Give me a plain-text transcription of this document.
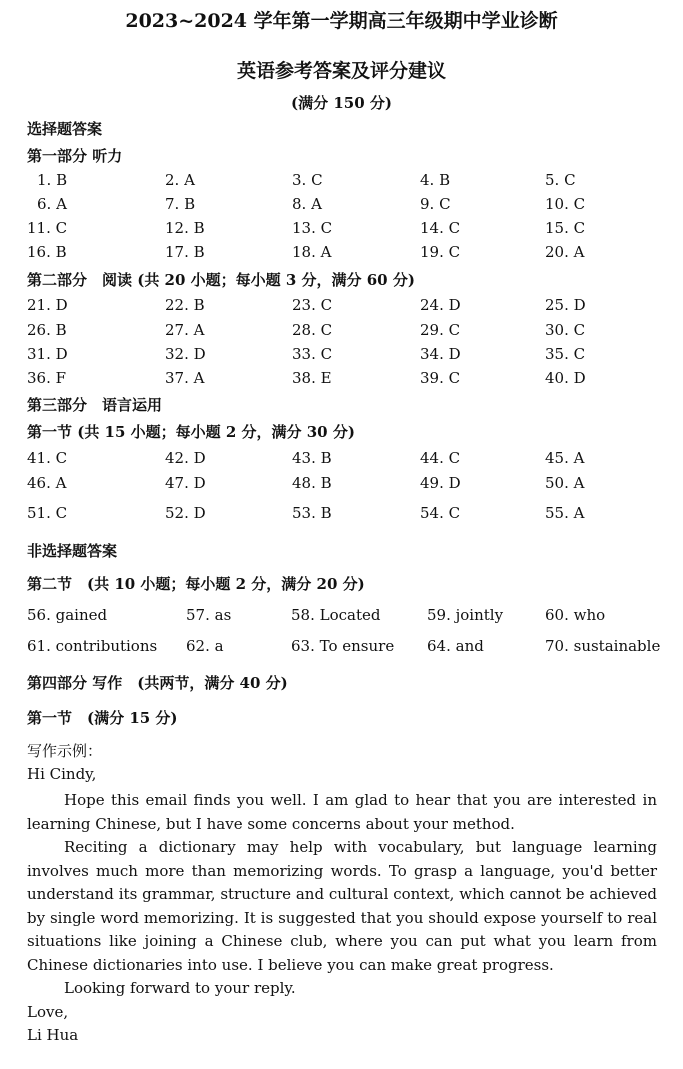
2023~2024 学年第一学期高三年级期中学业诊断
英语参考答案及评分建议
(满分 150 分)
选择题答案
第一部分 听力
1. B	2. A	3. C	4. B	5. C
6. A	7. B	8. A	9. C	10. C
11. C	12. B	13. C	14. C	15. C
16. B	17. B	18. A	19. C	20. A
第二部分　阅读 (共 20 小题；每小题 3 分，满分 60 分)
21. D	22. B	23. C	24. D	25. D
26. B	27. A	28. C	29. C	30. C
31. D	32. D	33. C	34. D	35. C
36. F	37. A	38. E	39. C	40. D
第三部分　语言运用
第一节 (共 15 小题；每小题 2 分，满分 30 分)
41. C	42. D	43. B	44. C	45. A
46. A	47. D	48. B	49. D	50. A
51. C	52. D	53. B	54. C	55. A
非选择题答案
第二节　(共 10 小题；每小题 2 分，满分 20 分)
56. gained	57. as	58. Located	59. jointly	60. who
61. contributions 62. a	63. To ensure 64. and	70. sustainable
第四部分 写作　(共两节，满分 40 分)
第一节　(满分 15 分)
写作示例：
Hi Cindy,

Hope this email finds you well. I am glad to hear that you are interested in learning Chinese, but I have some concerns about your method.

Reciting a dictionary may help with vocabulary, but language learning involves much more than memorizing words. To grasp a language, you'd better understand its grammar, structure and cultural context, which cannot be achieved by single word memorizing. It is suggested that you should expose yourself to real situations like joining a Chinese club, where you can put what you learn from Chinese dictionaries into use. I believe you can make great progress.

Looking forward to your reply.

Love,

Li Hua
